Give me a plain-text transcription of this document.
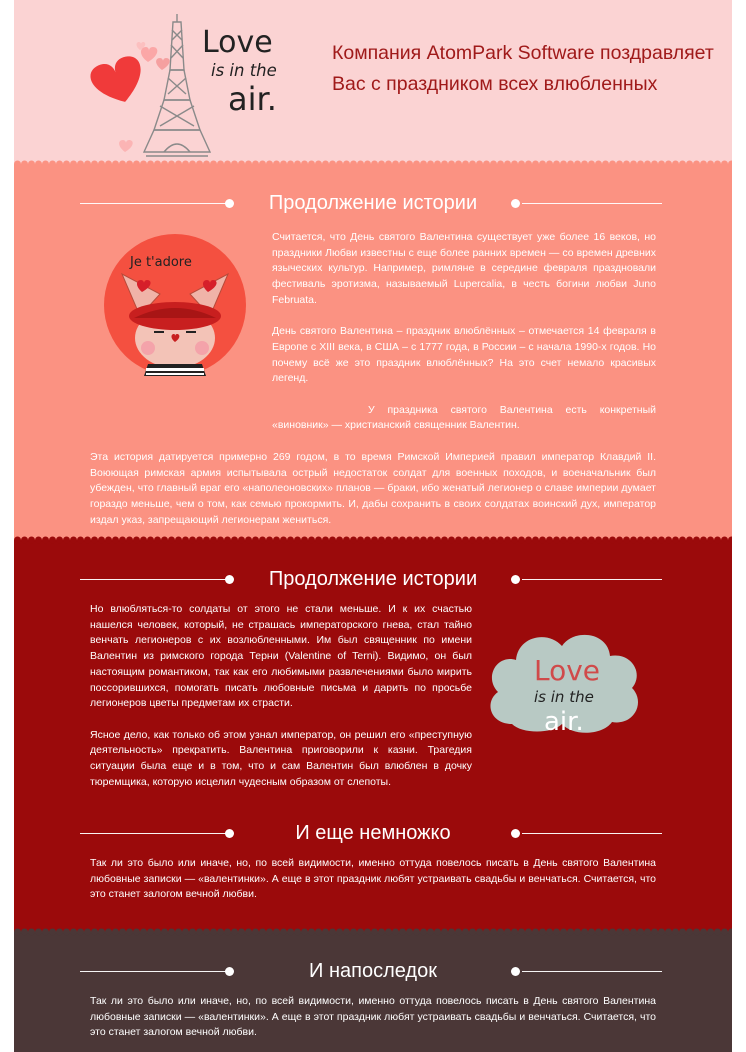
Love
is in the
air.
Компания AtomPark Software поздравляет Вас с праздником всех влюбленных
Продолжение истории
Je t'adore

Считается, что День святого Валентина существует уже более 16 веков, но праздники Любви известны с еще более ранних времен — со времен древних языческих культур. Например, римляне в середине февраля праздновали фестиваль эротизма, называемый Lupercalia, в честь богини любви Juno Februata.

День святого Валентина – праздник влюблённых – отмечается 14 февраля в Европе с XIII века, в США – с 1777 года, в России – с начала 1990-х годов. Но почему всё же это праздник влюблённых? На это счет немало красивых легенд.

У праздника святого Валентина есть конкретный «виновник» — христианский священник Валентин.

Эта история датируется примерно 269 годом, в то время Римской Империей правил император Клавдий II. Воюющая римская армия испытывала острый недостаток солдат для военных походов, и военачальник был убежден, что главный враг его «наполеоновских» планов — браки, ибо женатый легионер о славе империи думает гораздо меньше, чем о том, как семью прокормить. И, дабы сохранить в своих солдатах воинский дух, император издал указ, запрещающий легионерам жениться.

Продолжение истории

Но влюбляться-то солдаты от этого не стали меньше. И к их счастью нашелся человек, который, не страшась императорского гнева, стал тайно венчать легионеров с их возлюбленными. Им был священник по имени Валентин из римского города Терни (Valentine of Terni). Видимо, он был настоящим романтиком, так как его любимыми развлечениями было мирить поссорившихся, помогать писать любовные письма и дарить по просьбе легионеров цветы предметам их страсти.

Ясное дело, как только об этом узнал император, он решил его «преступную деятельность» прекратить. Валентина приговорили к казни. Трагедия ситуации была еще и в том, что и сам Валентин был влюблен в дочку тюремщика, которую исцелил чудесным образом от слепоты.

Love
is in the
air.
И еще немножко

Так ли это было или иначе, но, по всей видимости, именно оттуда повелось писать в День святого Валентина любовные записки — «валентинки». А еще в этот праздник любят устраивать свадьбы и венчаться. Считается, что это станет залогом вечной любви.

И напоследок

Так ли это было или иначе, но, по всей видимости, именно оттуда повелось писать в День святого Валентина любовные записки — «валентинки». А еще в этот праздник любят устраивать свадьбы и венчаться. Считается, что это станет залогом вечной любви.
